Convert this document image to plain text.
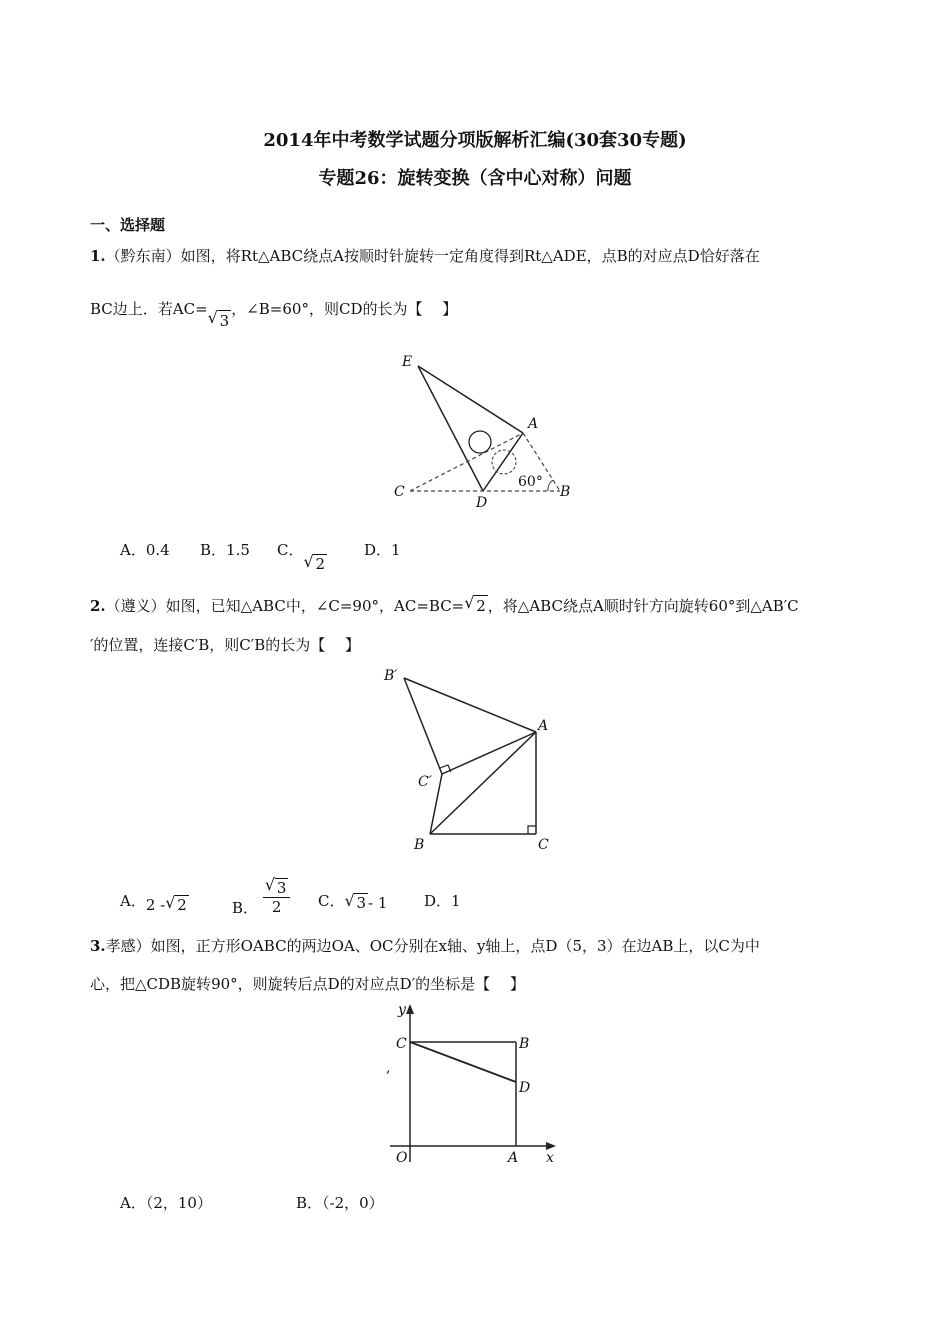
2014年中考数学试题分项版解析汇编(30套30专题)
专题26：旋转变换（含中心对称）问题
一、选择题
1.（黔东南）如图，将Rt△ABC绕点A按顺时针旋转一定角度得到Rt△ADE，点B的对应点D恰好落在
BC边上．若AC= √ 3，∠B=60°，则CD的长为【　 】
E
A
C
D
B
60°
A．0.4 B．1.5 C．
√ 2
D．1
2.（遵义）如图，已知△ABC中，∠C=90°，AC=BC= √ 2 ，将△ABC绕点A顺时针方向旋转60°到△AB′C
′的位置，连接C′B，则C′B的长为【　 】
B′
A
C′
B	C
A．2 - √ 2	B． $\frac{√ 3}{2}$ C． √ 3 - 1 D．1
3.孝感）如图，正方形OABC的两边OA、OC分别在x轴、y轴上，点D（5，3）在边AB上，以C为中
心，把△CDB旋转90°，则旋转后点D的对应点D′的坐标是【　 】
y
x
C	B
D
O	A
,
A．（2，10）	B．（-2，0）
